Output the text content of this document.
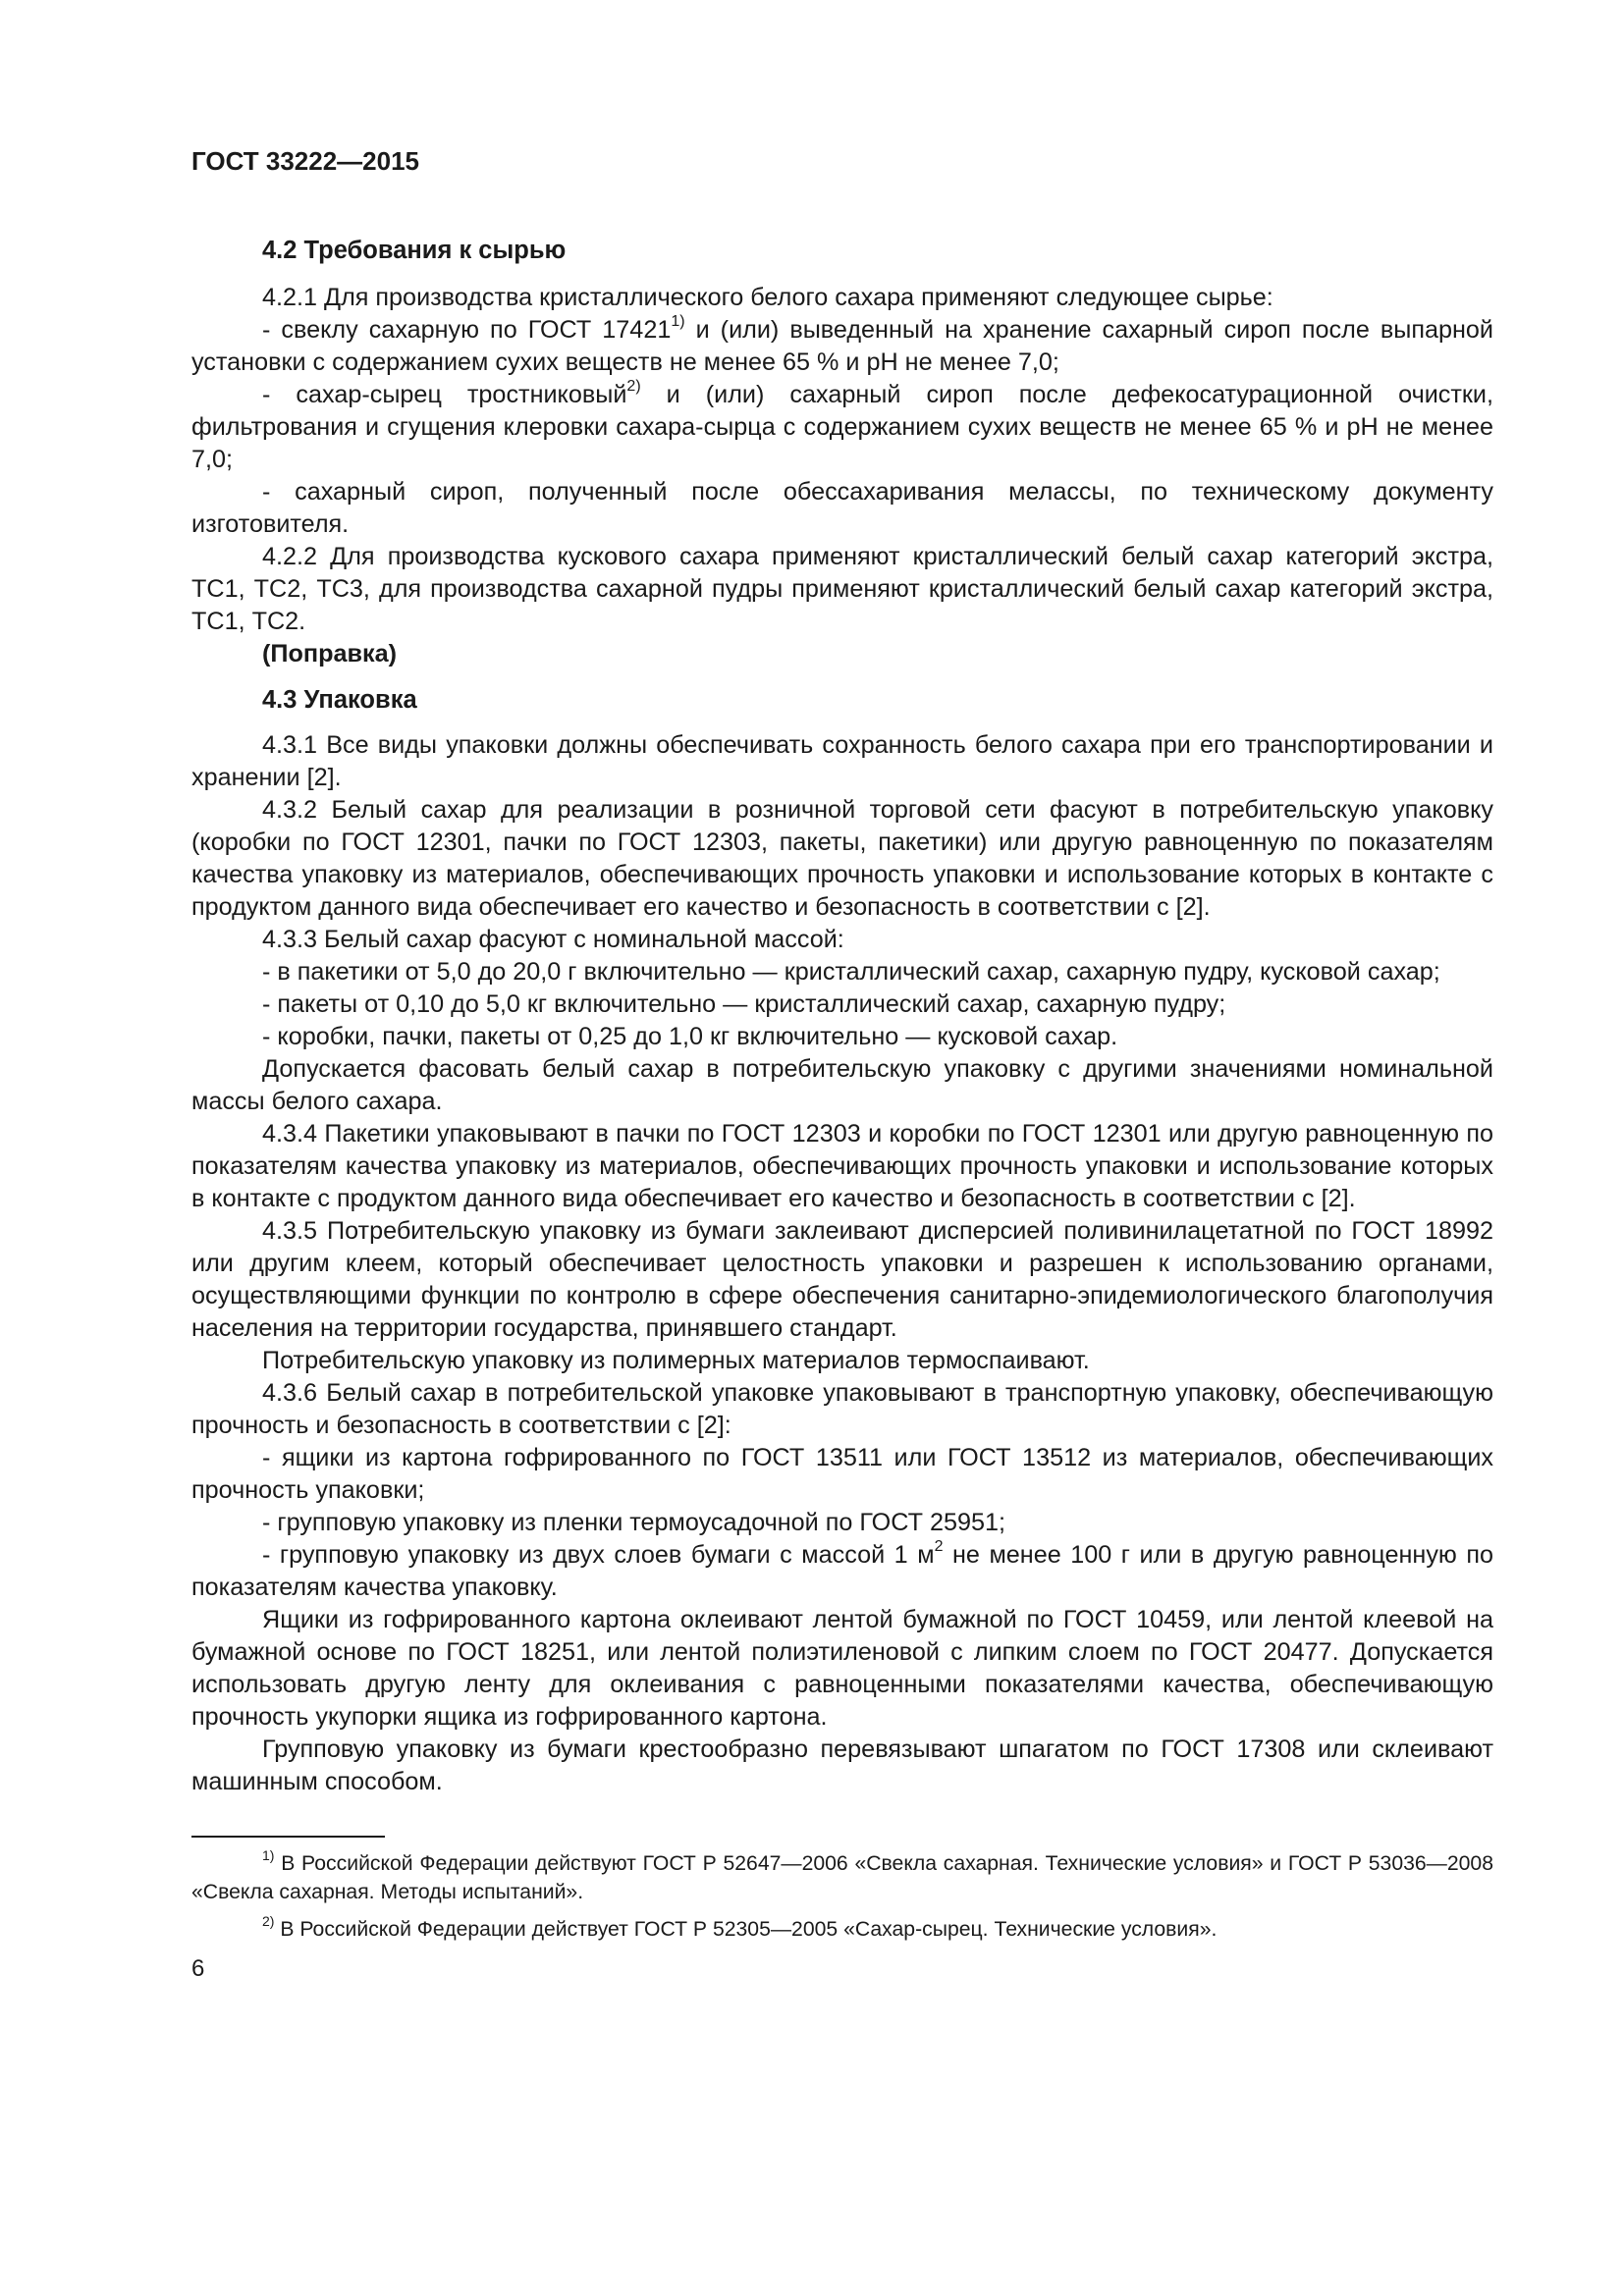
ГОСТ 33222—2015
4.2 Требования к сырью

4.2.1 Для производства кристаллического белого сахара применяют следующее сырье:

- свеклу сахарную по ГОСТ 17421$^{1)}$ и (или) выведенный на хранение сахарный сироп после выпарной установки с содержанием сухих веществ не менее 65 % и pH не менее 7,0;

- сахар-сырец тростниковый$^{2)}$ и (или) сахарный сироп после дефекосатурационной очистки, фильтрования и сгущения клеровки сахара-сырца с содержанием сухих веществ не менее 65 % и pH не менее 7,0;

- сахарный сироп, полученный после обессахаривания мелассы, по техническому документу изготовителя.

4.2.2 Для производства кускового сахара применяют кристаллический белый сахар категорий экстра, ТС1, ТС2, ТС3, для производства сахарной пудры применяют кристаллический белый сахар категорий экстра, ТС1, ТС2.

(Поправка)

4.3 Упаковка

4.3.1 Все виды упаковки должны обеспечивать сохранность белого сахара при его транспортировании и хранении [2].

4.3.2 Белый сахар для реализации в розничной торговой сети фасуют в потребительскую упаковку (коробки по ГОСТ 12301, пачки по ГОСТ 12303, пакеты, пакетики) или другую равноценную по показателям качества упаковку из материалов, обеспечивающих прочность упаковки и использование которых в контакте с продуктом данного вида обеспечивает его качество и безопасность в соответствии с [2].

4.3.3 Белый сахар фасуют с номинальной массой:

- в пакетики от 5,0 до 20,0 г включительно — кристаллический сахар, сахарную пудру, кусковой сахар;

- пакеты от 0,10 до 5,0 кг включительно — кристаллический сахар, сахарную пудру;

- коробки, пачки, пакеты от 0,25 до 1,0 кг включительно — кусковой сахар.

Допускается фасовать белый сахар в потребительскую упаковку с другими значениями номинальной массы белого сахара.

4.3.4 Пакетики упаковывают в пачки по ГОСТ 12303 и коробки по ГОСТ 12301 или другую равноценную по показателям качества упаковку из материалов, обеспечивающих прочность упаковки и использование которых в контакте с продуктом данного вида обеспечивает его качество и безопасность в соответствии с [2].

4.3.5 Потребительскую упаковку из бумаги заклеивают дисперсией поливинилацетатной по ГОСТ 18992 или другим клеем, который обеспечивает целостность упаковки и разрешен к использованию органами, осуществляющими функции по контролю в сфере обеспечения санитарно-эпидемиологического благополучия населения на территории государства, принявшего стандарт.

Потребительскую упаковку из полимерных материалов термоспаивают.

4.3.6 Белый сахар в потребительской упаковке упаковывают в транспортную упаковку, обеспечивающую прочность и безопасность в соответствии с [2]:

- ящики из картона гофрированного по ГОСТ 13511 или ГОСТ 13512 из материалов, обеспечивающих прочность упаковки;

- групповую упаковку из пленки термоусадочной по ГОСТ 25951;

- групповую упаковку из двух слоев бумаги с массой 1 $м^2$ не менее 100 г или в другую равноценную по показателям качества упаковку.

Ящики из гофрированного картона оклеивают лентой бумажной по ГОСТ 10459, или лентой клеевой на бумажной основе по ГОСТ 18251, или лентой полиэтиленовой с липким слоем по ГОСТ 20477. Допускается использовать другую ленту для оклеивания с равноценными показателями качества, обеспечивающую прочность укупорки ящика из гофрированного картона.

Групповую упаковку из бумаги крестообразно перевязывают шпагатом по ГОСТ 17308 или склеивают машинным способом.

$^{1)}$ В Российской Федерации действуют ГОСТ Р 52647—2006 «Свекла сахарная. Технические условия» и ГОСТ Р 53036—2008 «Свекла сахарная. Методы испытаний».

$^{2)}$ В Российской Федерации действует ГОСТ Р 52305—2005 «Сахар-сырец. Технические условия».

6
